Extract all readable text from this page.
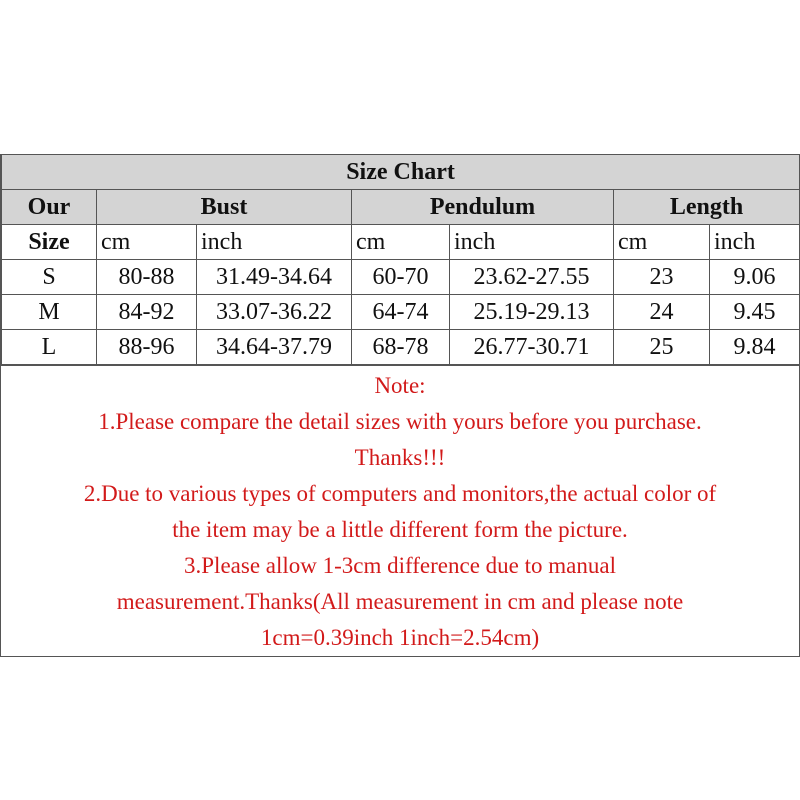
Size Chart						
Our	Bust		Pendulum		Length	
Size	cm	inch	cm	inch	cm	inch
S	80-88	31.49-34.64	60-70	23.62-27.55	23	9.06
M	84-92	33.07-36.22	64-74	25.19-29.13	24	9.45
L	88-96	34.64-37.79	68-78	26.77-30.71	25	9.84
Note:
1.Please compare the detail sizes with yours before you purchase.
Thanks!!!
2.Due to various types of computers and monitors,the actual color of
the item may be a little different form the picture.
3.Please allow 1-3cm difference due to manual
measurement.Thanks(All measurement in cm and please note
1cm=0.39inch 1inch=2.54cm)
